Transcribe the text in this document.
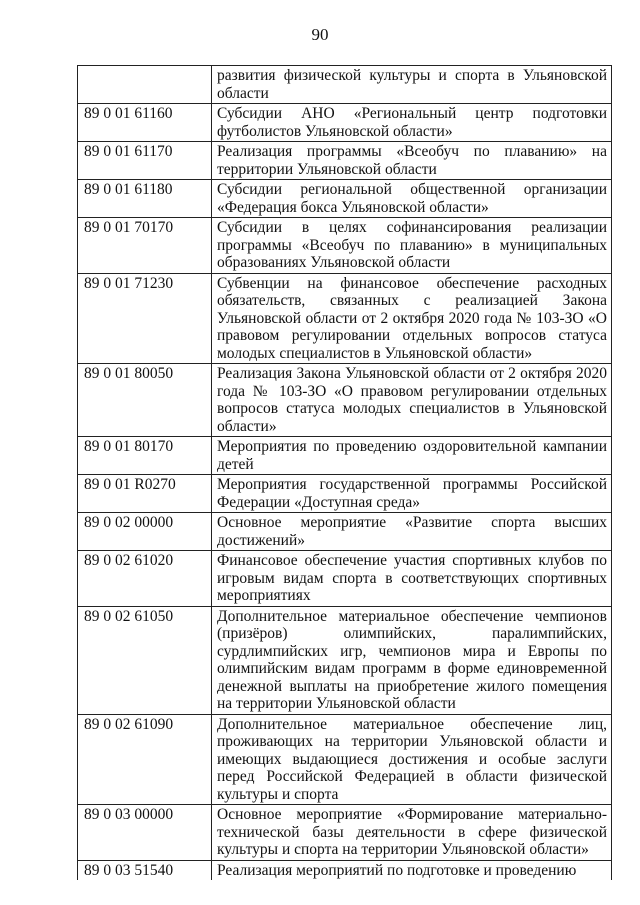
90
	развития физической культуры и спорта в Ульяновской области
89 0 01 61160	Субсидии АНО «Региональный центр подготовки футболистов Ульяновской области»
89 0 01 61170	Реализация программы «Всеобуч по плаванию» на территории Ульяновской области
89 0 01 61180	Субсидии региональной общественной организации «Федерация бокса Ульяновской области»
89 0 01 70170	Субсидии в целях софинансирования реализации программы «Всеобуч по плаванию» в муниципальных образованиях Ульяновской области
89 0 01 71230	Субвенции на финансовое обеспечение расходных обязательств, связанных с реализацией Закона Ульяновской области от 2 октября 2020 года № 103-ЗО «О правовом регулировании отдельных вопросов статуса молодых специалистов в Ульяновской области»
89 0 01 80050	Реализация Закона Ульяновской области от 2 октября 2020 года № 103-ЗО «О правовом регулировании отдельных вопросов статуса молодых специалистов в Ульяновской области»
89 0 01 80170	Мероприятия по проведению оздоровительной кампании детей
89 0 01 R0270	Мероприятия государственной программы Российской Федерации «Доступная среда»
89 0 02 00000	Основное мероприятие «Развитие спорта высших достижений»
89 0 02 61020	Финансовое обеспечение участия спортивных клубов по игровым видам спорта в соответствующих спортивных мероприятиях
89 0 02 61050	Дополнительное материальное обеспечение чемпионов (призёров) олимпийских, паралимпийских, сурдлимпийских игр, чемпионов мира и Европы по олимпийским видам программ в форме единовременной денежной выплаты на приобретение жилого помещения на территории Ульяновской области
89 0 02 61090	Дополнительное материальное обеспечение лиц, проживающих на территории Ульяновской области и имеющих выдающиеся достижения и особые заслуги перед Российской Федерацией в области физической культуры и спорта
89 0 03 00000	Основное мероприятие «Формирование материально-технической базы деятельности в сфере физической культуры и спорта на территории Ульяновской области»
89 0 03 51540	Реализация мероприятий по подготовке и проведению
